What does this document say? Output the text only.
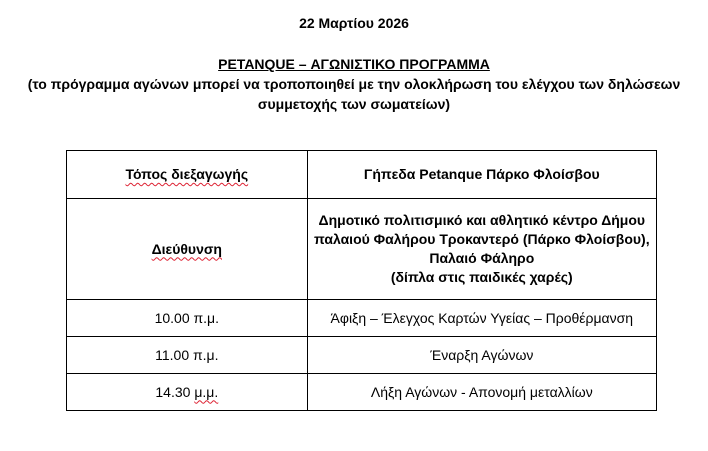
22 Μαρτίου 2026
PETANQUE – ΑΓΩΝΙΣΤΙΚΟ ΠΡΟΓΡΑΜΜΑ
(το πρόγραμμα αγώνων μπορεί να τροποποιηθεί με την ολοκλήρωση του ελέγχου των δηλώσεων
συμμετοχής των σωματείων)
Τόπος διεξαγωγής	Γήπεδα Petanque Πάρκο Φλοίσβου
Διεύθυνση	Δημοτικό πολιτισμικό και αθλητικό κέντρο Δήμου
παλαιού Φαλήρου Τροκαντερό (Πάρκο Φλοίσβου),
Παλαιό Φάληρο
(δίπλα στις παιδικές χαρές)

10.00 π.μ.	Άφιξη – Έλεγχος Καρτών Υγείας – Προθέρμανση
11.00 π.μ.	Έναρξη Αγώνων
14.30 μ.μ.	Λήξη Αγώνων - Απονομή μεταλλίων
